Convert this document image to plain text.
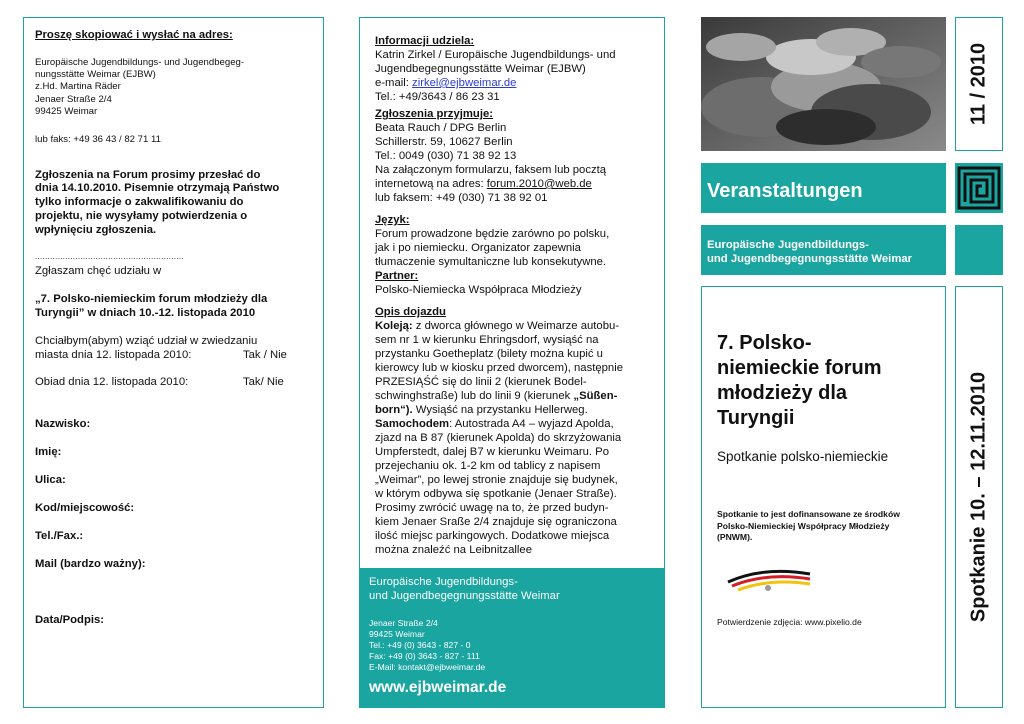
Proszę skopiować i wysłać na adres:
Europäische Jugendbildungs- und Jugendbegeg-
nungsstätte Weimar (EJBW)
z.Hd. Martina Räder
Jenaer Straße 2/4
99425 Weimar
lub faks: +49 36 43 / 82 71 11
Zgłoszenia na Forum prosimy przesłać do
dnia 14.10.2010. Pisemnie otrzymają Państwo
tylko informacje o zakwalifikowaniu do
projektu, nie wysyłamy potwierdzenia o
wpłynięciu zgłoszenia.
...........................................................
Zgłaszam chęć udziału w
„7. Polsko-niemieckim forum młodzieży dla
Turyngii” w dniach 10.-12. listopada 2010
Chciałbym(abym) wziąć udział w zwiedzaniu
miasta dnia 12. listopada 2010:	Tak / Nie
Obiad dnia 12. listopada 2010:	Tak/ Nie
Nazwisko:
Imię:
Ulica:
Kod/miejscowość:
Tel./Fax.:
Mail (bardzo ważny):
Data/Podpis:
Informacji udziela:
Katrin Zirkel / Europäische Jugendbildungs- und
Jugendbegegnungsstätte Weimar (EJBW)
e-mail: zirkel@ejbweimar.de
Tel.: +49/3643 / 86 23 31
Zgłoszenia przyjmuje:
Beata Rauch / DPG Berlin
Schillerstr. 59, 10627 Berlin
Tel.: 0049 (030) 71 38 92 13
Na załączonym formularzu, faksem lub pocztą
internetową na adres: forum.2010@web.de
lub faksem: +49 (030) 71 38 92 01
Język:
Forum prowadzone będzie zarówno po polsku,
jak i po niemiecku. Organizator zapewnia
tłumaczenie symultaniczne lub konsekutywne.
Partner:
Polsko-Niemiecka Współpraca Młodzieży
Opis dojazdu
Koleją: z dworca głównego w Weimarze autobu-
sem nr 1 w kierunku Ehringsdorf, wysiąść na
przystanku Goetheplatz (bilety można kupić u
kierowcy lub w kiosku przed dworcem), następnie
PRZESIĄŚĆ się do linii 2 (kierunek Bodel-
schwinghstraße) lub do linii 9 (kierunek „Süßen-
born“). Wysiąść na przystanku Hellerweg.
Samochodem: Autostrada A4 – wyjazd Apolda,
zjazd na B 87 (kierunek Apolda) do skrzyżowania
Umpferstedt, dalej B7 w kierunku Weimaru. Po
przejechaniu ok. 1-2 km od tablicy z napisem
„Weimar”, po lewej stronie znajduje się budynek,
w którym odbywa się spotkanie (Jenaer Straße).
Prosimy zwrócić uwagę na to, że przed budyn-
kiem Jenaer Sraße 2/4 znajduje się ograniczona
ilość miejsc parkingowych. Dodatkowe miejsca
można znaleźć na Leibnitzallee
Europäische Jugendbildungs-
und Jugendbegegnungsstätte Weimar
Jenaer Straße 2/4
99425 Weimar
Tel.: +49 (0) 3643 - 827 - 0
Fax: +49 (0) 3643 - 827 - 111
E-Mail: kontakt@ejbweimar.de
www.ejbweimar.de
11 / 2010
Veranstaltungen
Europäische Jugendbildungs-
und Jugendbegegnungsstätte Weimar
7. Polsko-
niemieckie forum
młodzieży dla
Turyngii
Spotkanie polsko-niemieckie
Spotkanie to jest dofinansowane ze środków
Polsko-Niemieckiej Współpracy Młodzieży
(PNWM).
Potwierdzenie zdjęcia: www.pixelio.de	Spotkanie 10. – 12.11.2010
